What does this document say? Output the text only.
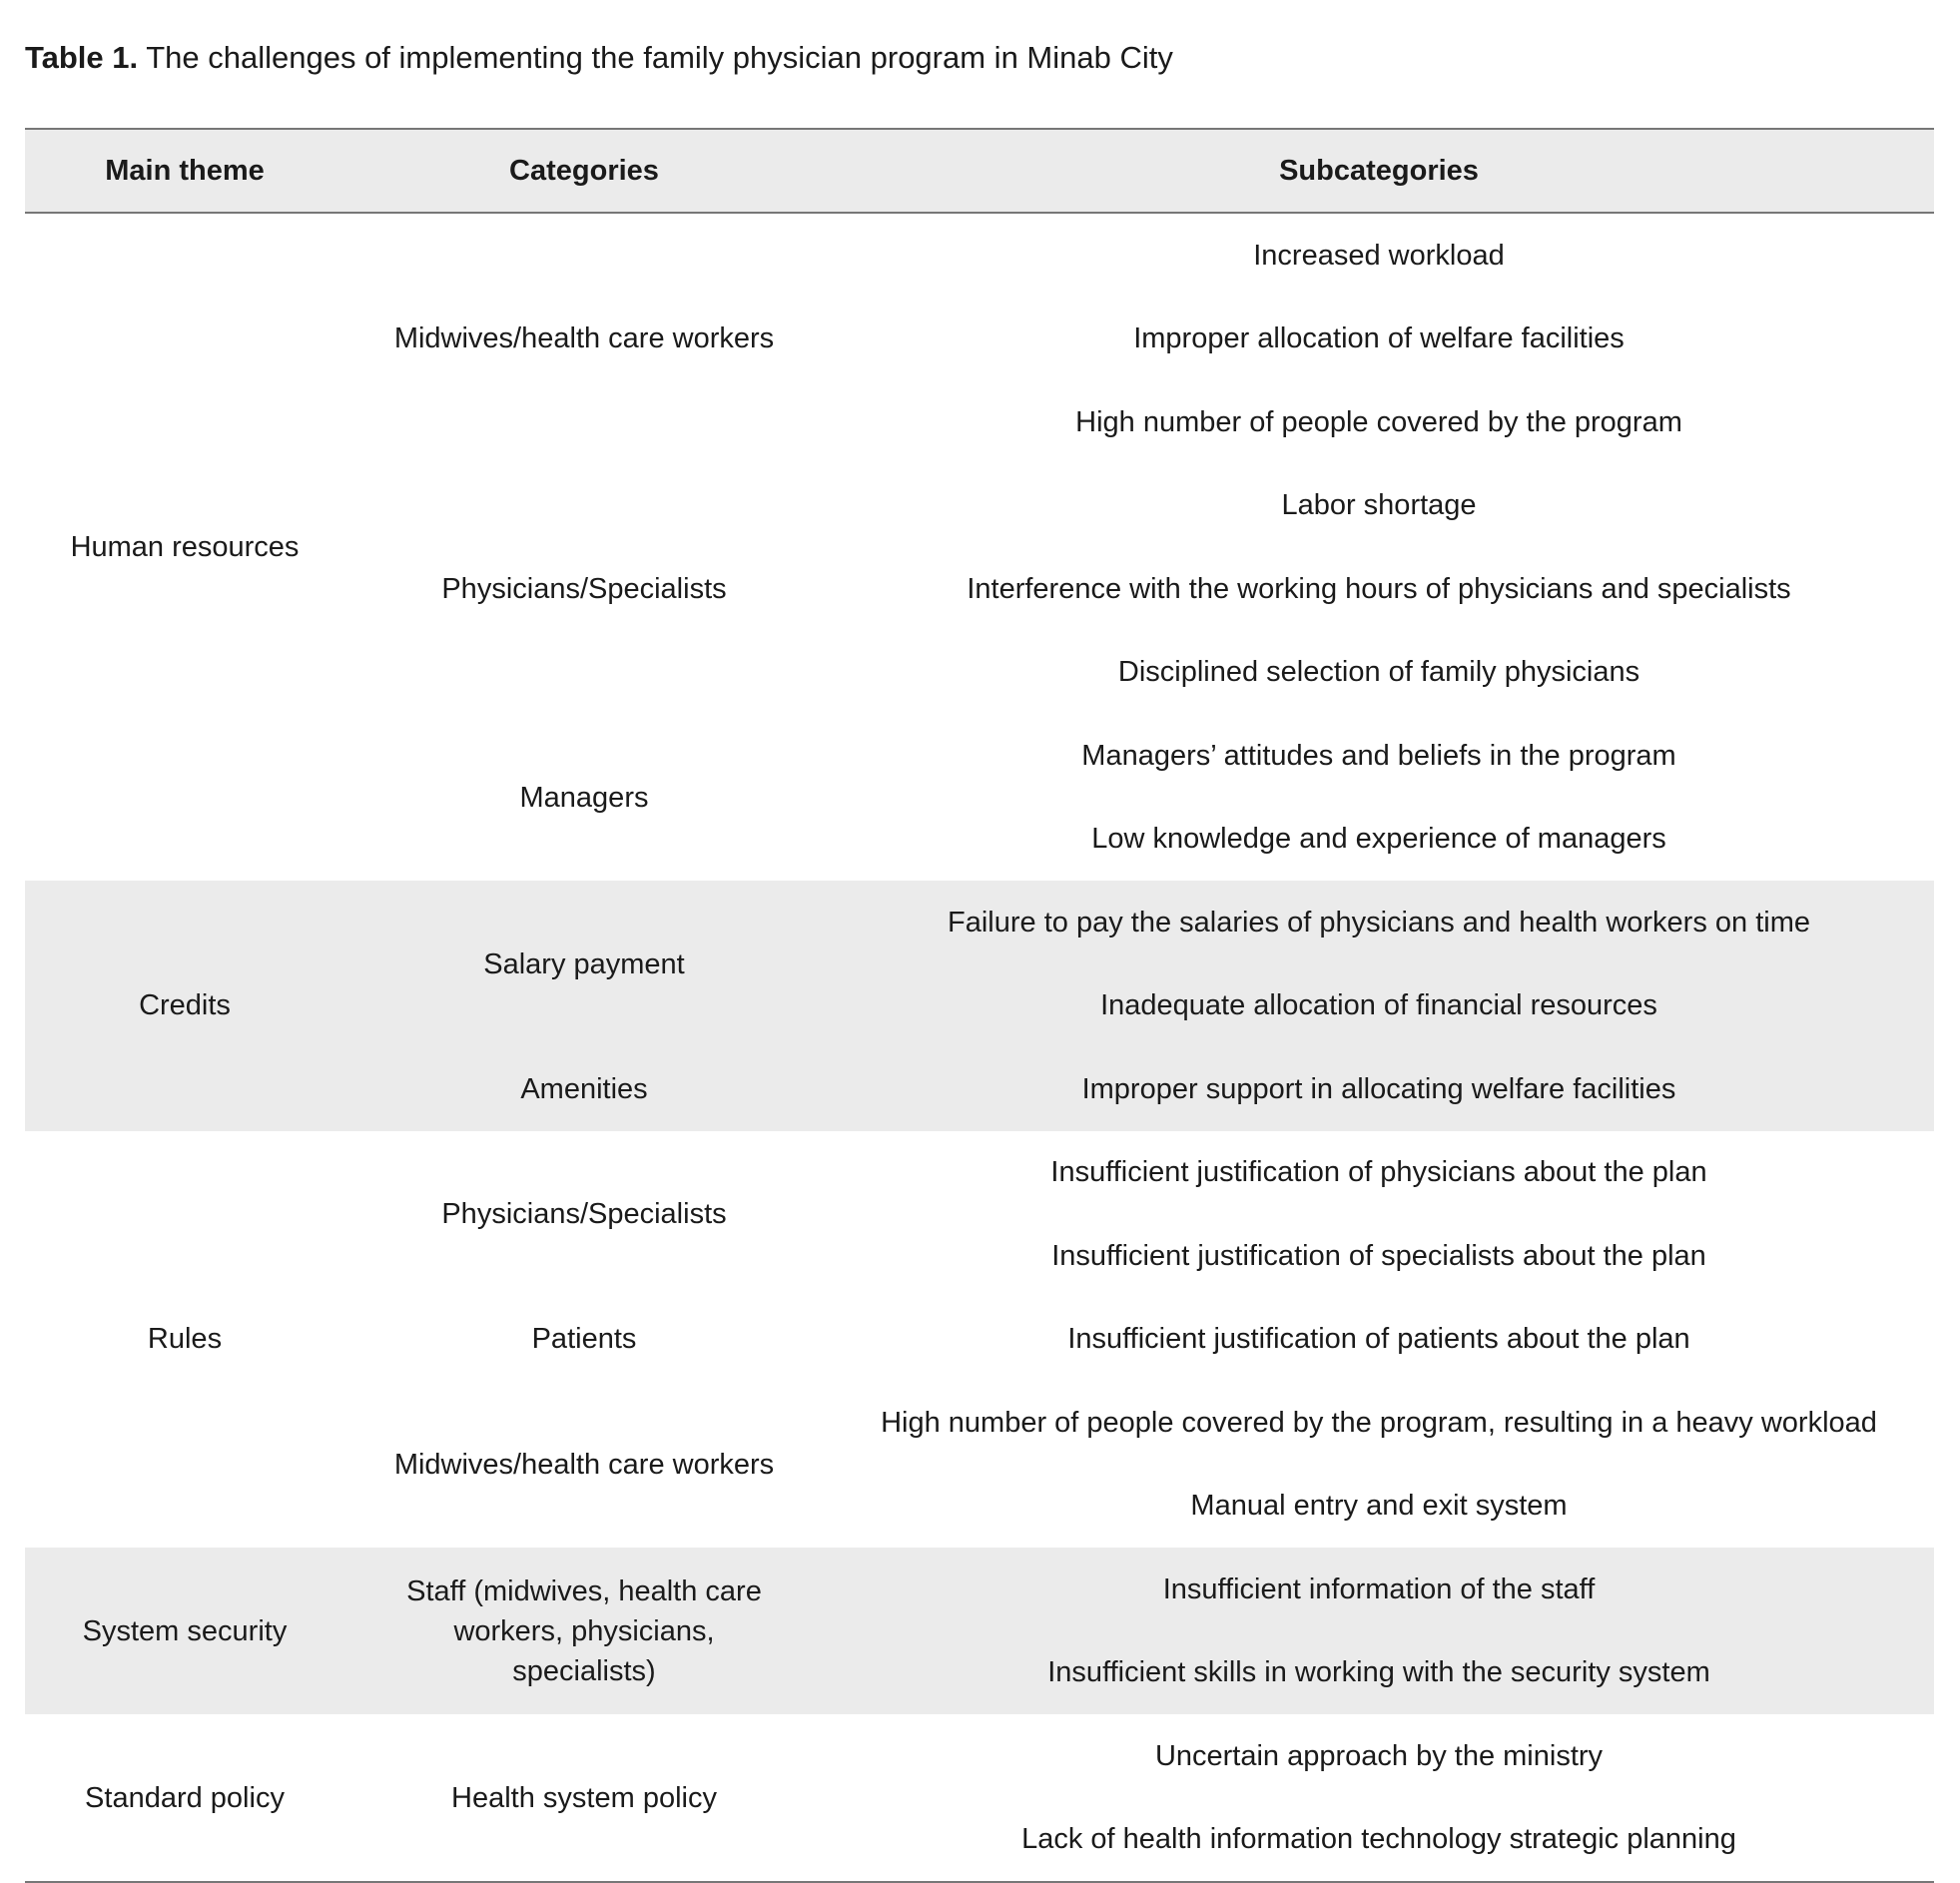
Table 1. The challenges of implementing the family physician program in Minab City
Main theme	Categories	Subcategories
Human resources	Midwives/health care workers	Increased workload
		Improper allocation of welfare facilities
		High number of people covered by the program
	Physicians/Specialists	Labor shortage
		Interference with the working hours of physicians and specialists
		Disciplined selection of family physicians
	Managers	Managers’ attitudes and beliefs in the program
		Low knowledge and experience of managers
Credits	Salary payment	Failure to pay the salaries of physicians and health workers on time
		Inadequate allocation of financial resources
	Amenities	Improper support in allocating welfare facilities
Rules	Physicians/Specialists	Insufficient justification of physicians about the plan
		Insufficient justification of specialists about the plan
	Patients	Insufficient justification of patients about the plan
	Midwives/health care workers	High number of people covered by the program, resulting in a heavy workload
		Manual entry and exit system
System security	Staff (midwives, health care workers, physicians, specialists)	Insufficient information of the staff
		Insufficient skills in working with the security system
Standard policy	Health system policy	Uncertain approach by the ministry
		Lack of health information technology strategic planning
